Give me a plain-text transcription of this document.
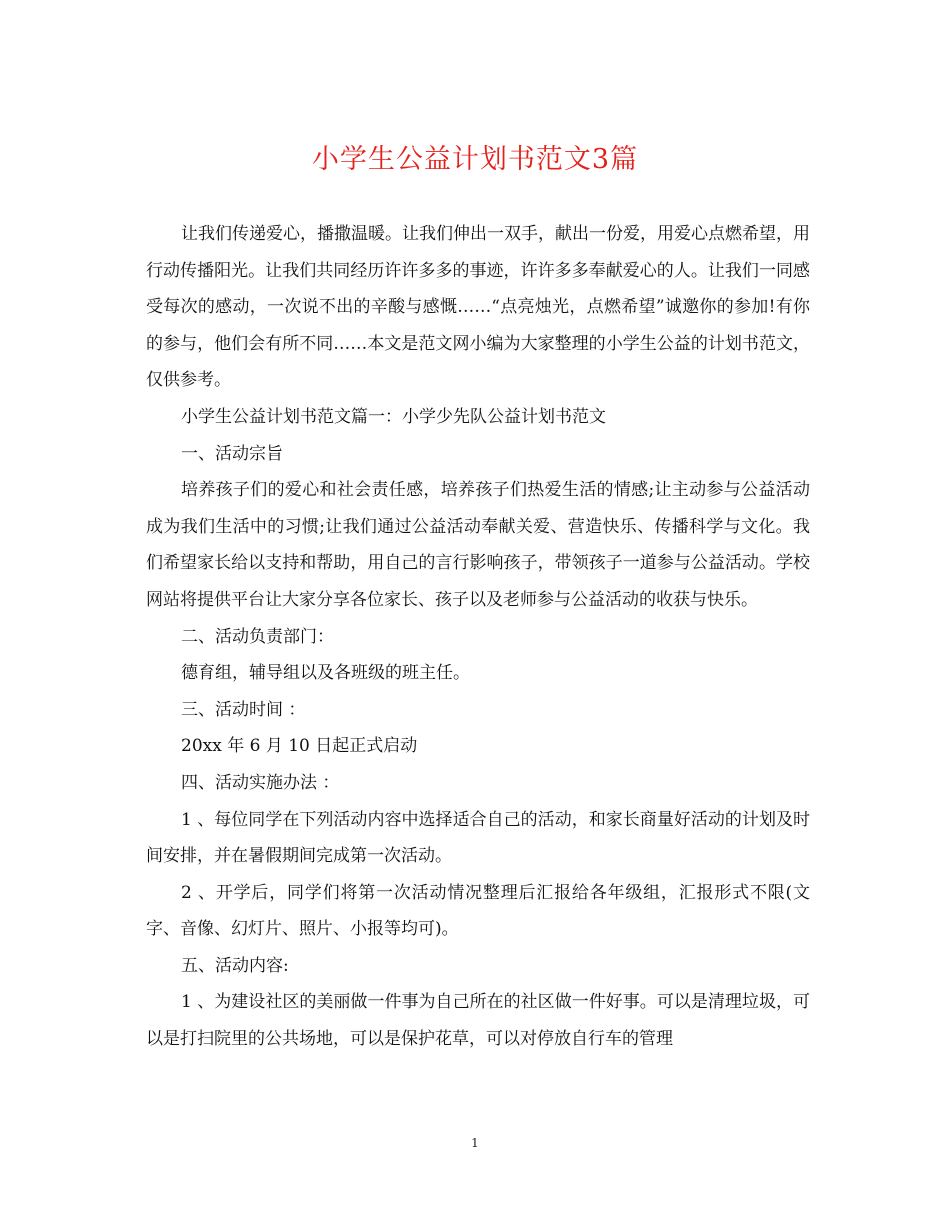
小学生公益计划书范文3篇

让我们传递爱心，播撒温暖。让我们伸出一双手，献出一份爱，用爱心点燃希望，用行动传播阳光。让我们共同经历许许多多的事迹，许许多多奉献爱心的人。让我们一同感受每次的感动，一次说不出的辛酸与感慨……“点亮烛光，点燃希望”诚邀你的参加!有你的参与，他们会有所不同……本文是范文网小编为大家整理的小学生公益的计划书范文，仅供参考。

小学生公益计划书范文篇一：小学少先队公益计划书范文

一、活动宗旨

培养孩子们的爱心和社会责任感，培养孩子们热爱生活的情感;让主动参与公益活动成为我们生活中的习惯;让我们通过公益活动奉献关爱、营造快乐、传播科学与文化。我们希望家长给以支持和帮助，用自己的言行影响孩子，带领孩子一道参与公益活动。学校网站将提供平台让大家分享各位家长、孩子以及老师参与公益活动的收获与快乐。

二、活动负责部门：

德育组，辅导组以及各班级的班主任。

三、活动时间 ：

20xx 年 6 月 10 日起正式启动

四、活动实施办法 ：

1 、每位同学在下列活动内容中选择适合自己的活动，和家长商量好活动的计划及时间安排，并在暑假期间完成第一次活动。

2 、开学后，同学们将第一次活动情况整理后汇报给各年级组，汇报形式不限(文字、音像、幻灯片、照片、小报等均可)。

五、活动内容:

1 、为建设社区的美丽做一件事为自己所在的社区做一件好事。可以是清理垃圾，可以是打扫院里的公共场地，可以是保护花草，可以对停放自行车的管理

1
